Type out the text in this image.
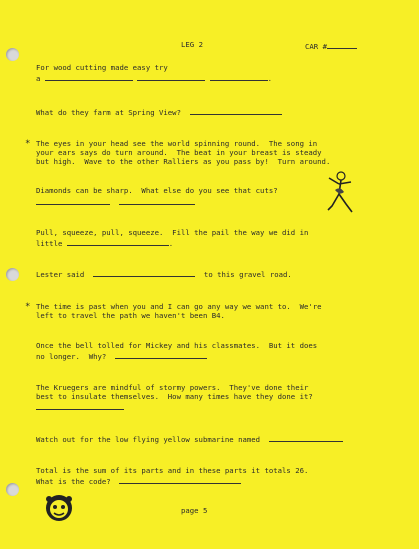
LEG 2	CAR #
For wood cutting made easy try
a	.
What do they farm at Spring View?
* The eyes in your head see the world spinning round.  The song in
your ears says do turn around.  The beat in your breast is steady
but high.  Wave to the other Ralliers as you pass by!  Turn around.
Diamonds can be sharp.  What else do you see that cuts?

Pull, squeeze, pull, squeeze.  Fill the pail the way we did in
little	.
Lester said	to this gravel road.
* The time is past when you and I can go any way we want to.  We're
left to travel the path we haven't been B4.
Once the bell tolled for Mickey and his classmates.  But it does
no longer.  Why?
The Kruegers are mindful of stormy powers.  They've done their
best to insulate themselves.  How many times have they done it?
Watch out for the low flying yellow submarine named
Total is the sum of its parts and in these parts it totals 26.
What is the code?
page 5
